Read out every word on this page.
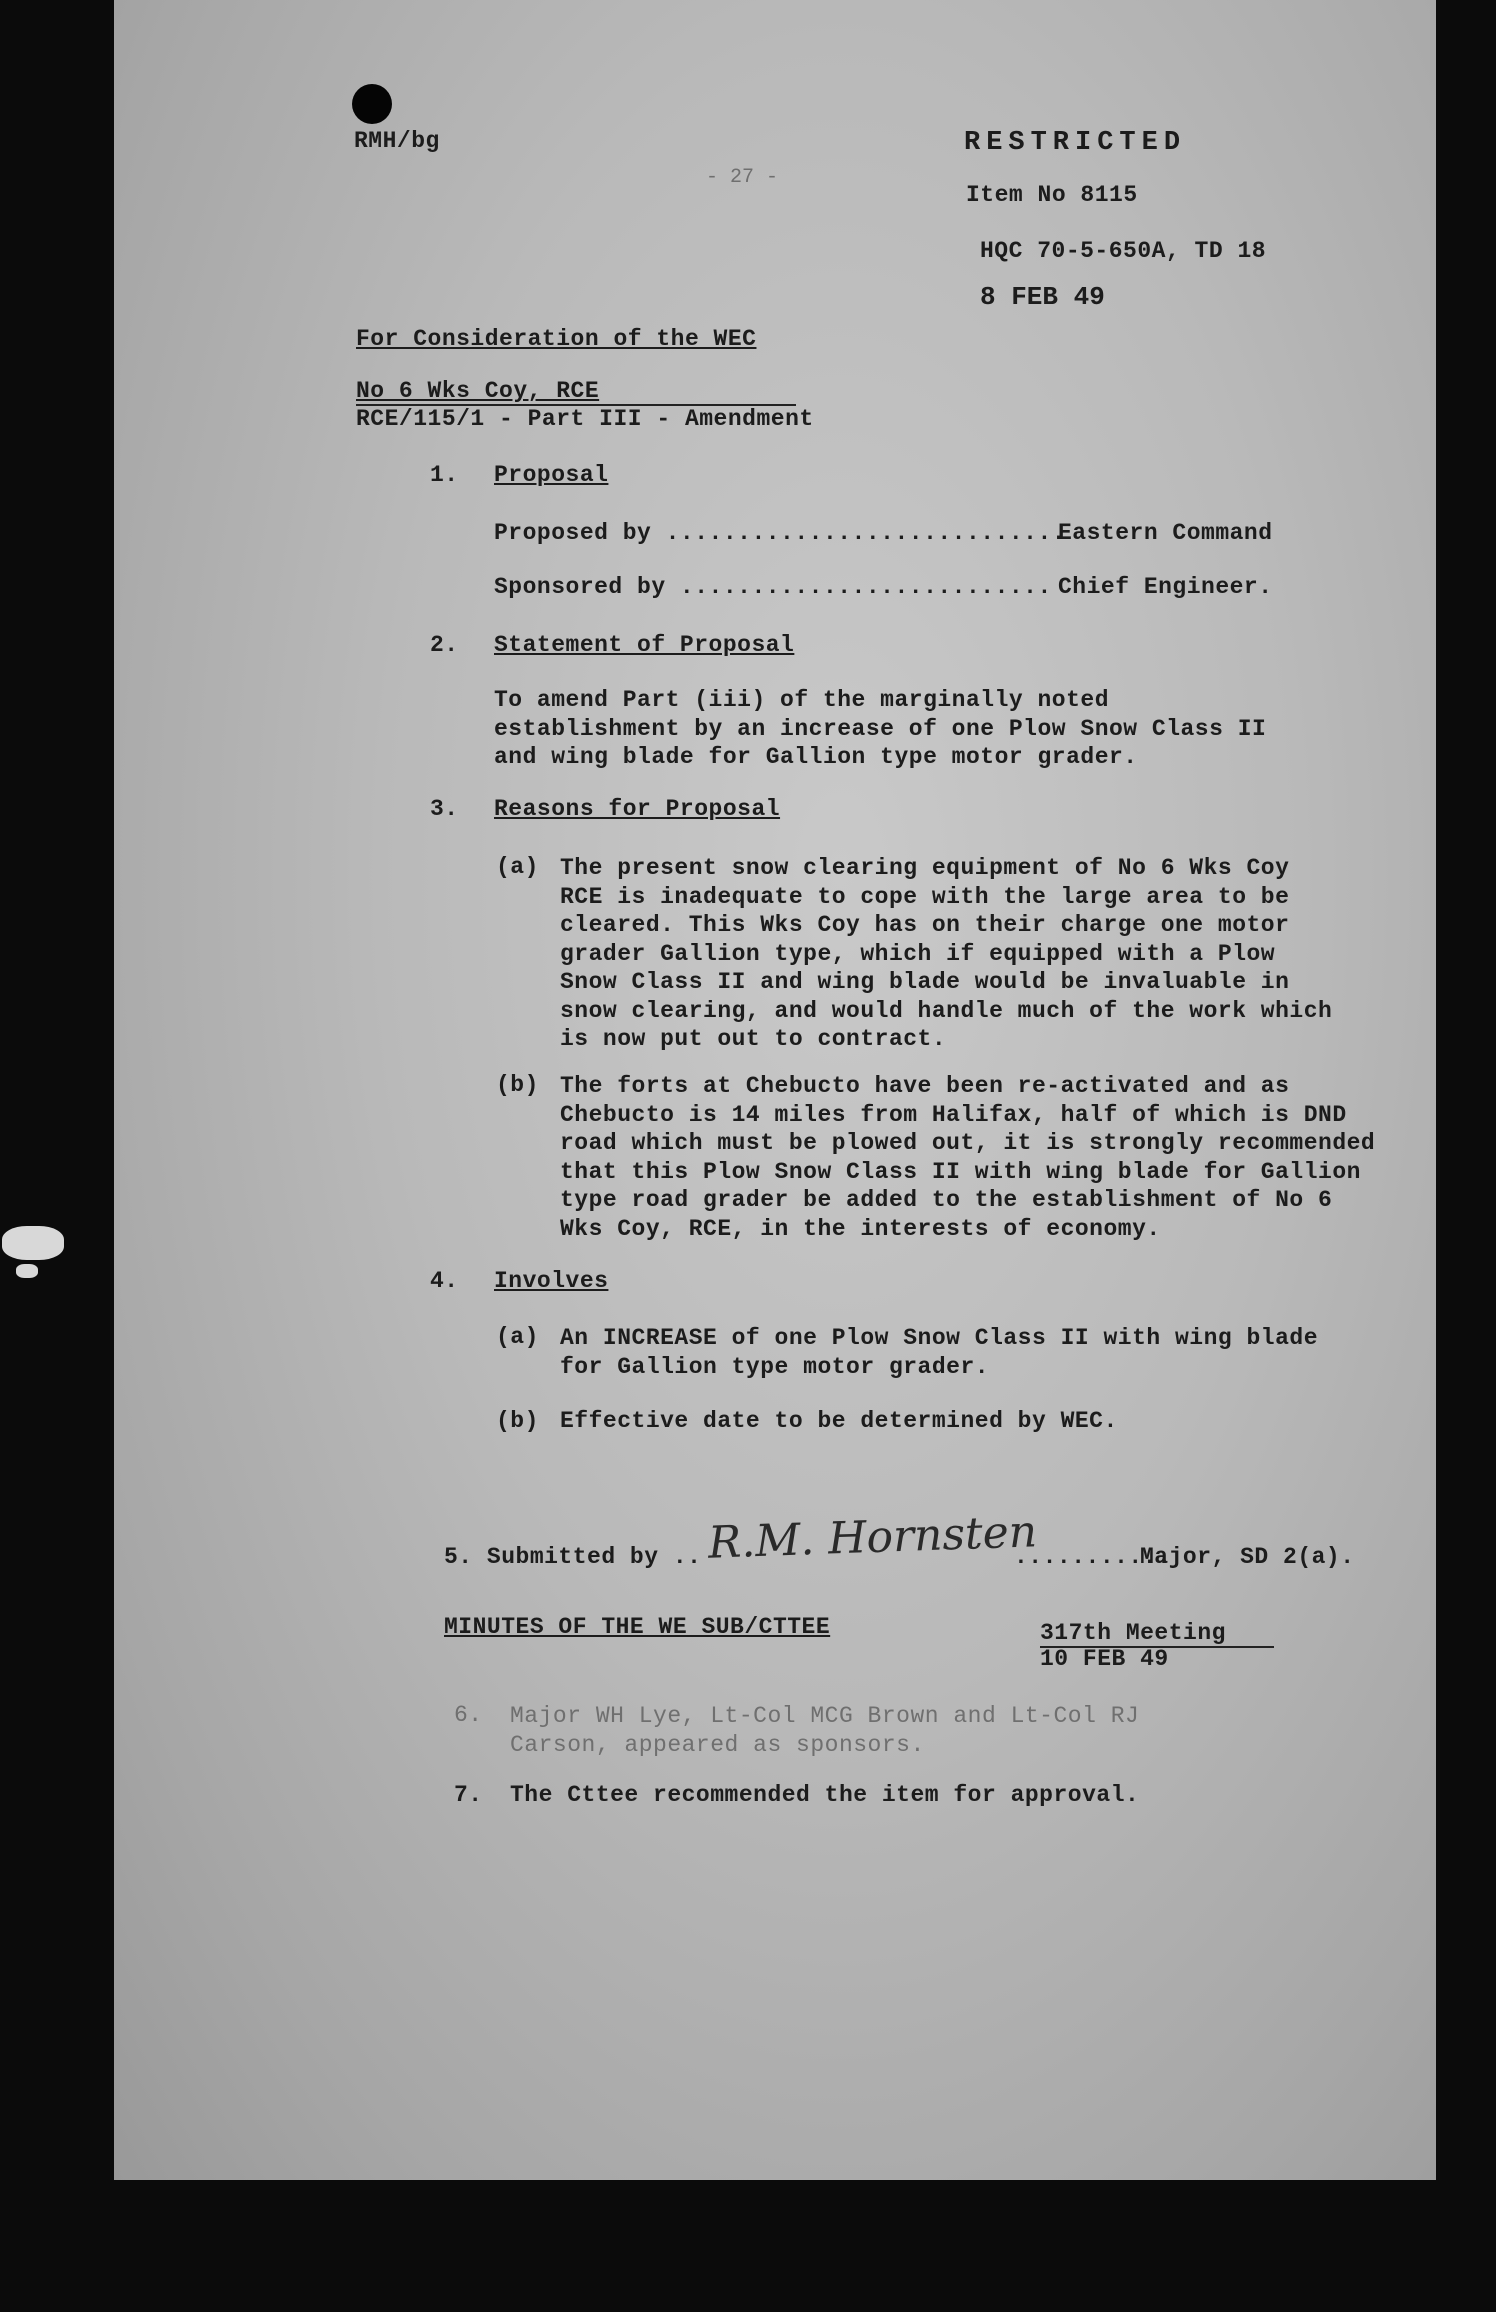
RMH/bg
- 27 -
RESTRICTED
Item No 8115
HQC 70-5-650A, TD 18
8 FEB 49
For Consideration of the WEC
No 6 Wks Coy, RCE
RCE/115/1 - Part III - Amendment
1. Proposal
Proposed by ............................
Eastern Command
Sponsored by .......................... Chief Engineer.
2. Statement of Proposal
To amend Part (iii) of the marginally noted establishment by an increase of one Plow Snow Class II and wing blade for Gallion type motor grader.
3. Reasons for Proposal
(a) The present snow clearing equipment of No 6 Wks Coy RCE is inadequate to cope with the large area to be cleared. This Wks Coy has on their charge one motor grader Gallion type, which if equipped with a Plow Snow Class II and wing blade would be invaluable in snow clearing, and would handle much of the work which is now put out to contract.
(b) The forts at Chebucto have been re-activated and as Chebucto is 14 miles from Halifax, half of which is DND road which must be plowed out, it is strongly recommended that this Plow Snow Class II with wing blade for Gallion type road grader be added to the establishment of No 6 Wks Coy, RCE, in the interests of economy.
4. Involves
(a) An INCREASE of one Plow Snow Class II with wing blade for Gallion type motor grader.
(b) Effective date to be determined by WEC.
5. Submitted by .. R.M. Hornsten
...........
Major, SD 2(a).
MINUTES OF THE WE SUB/CTTEE	317th Meeting
10 FEB 49
6. Major WH Lye, Lt-Col MCG Brown and Lt-Col RJ Carson, appeared as sponsors.
7. The Cttee recommended the item for approval.
